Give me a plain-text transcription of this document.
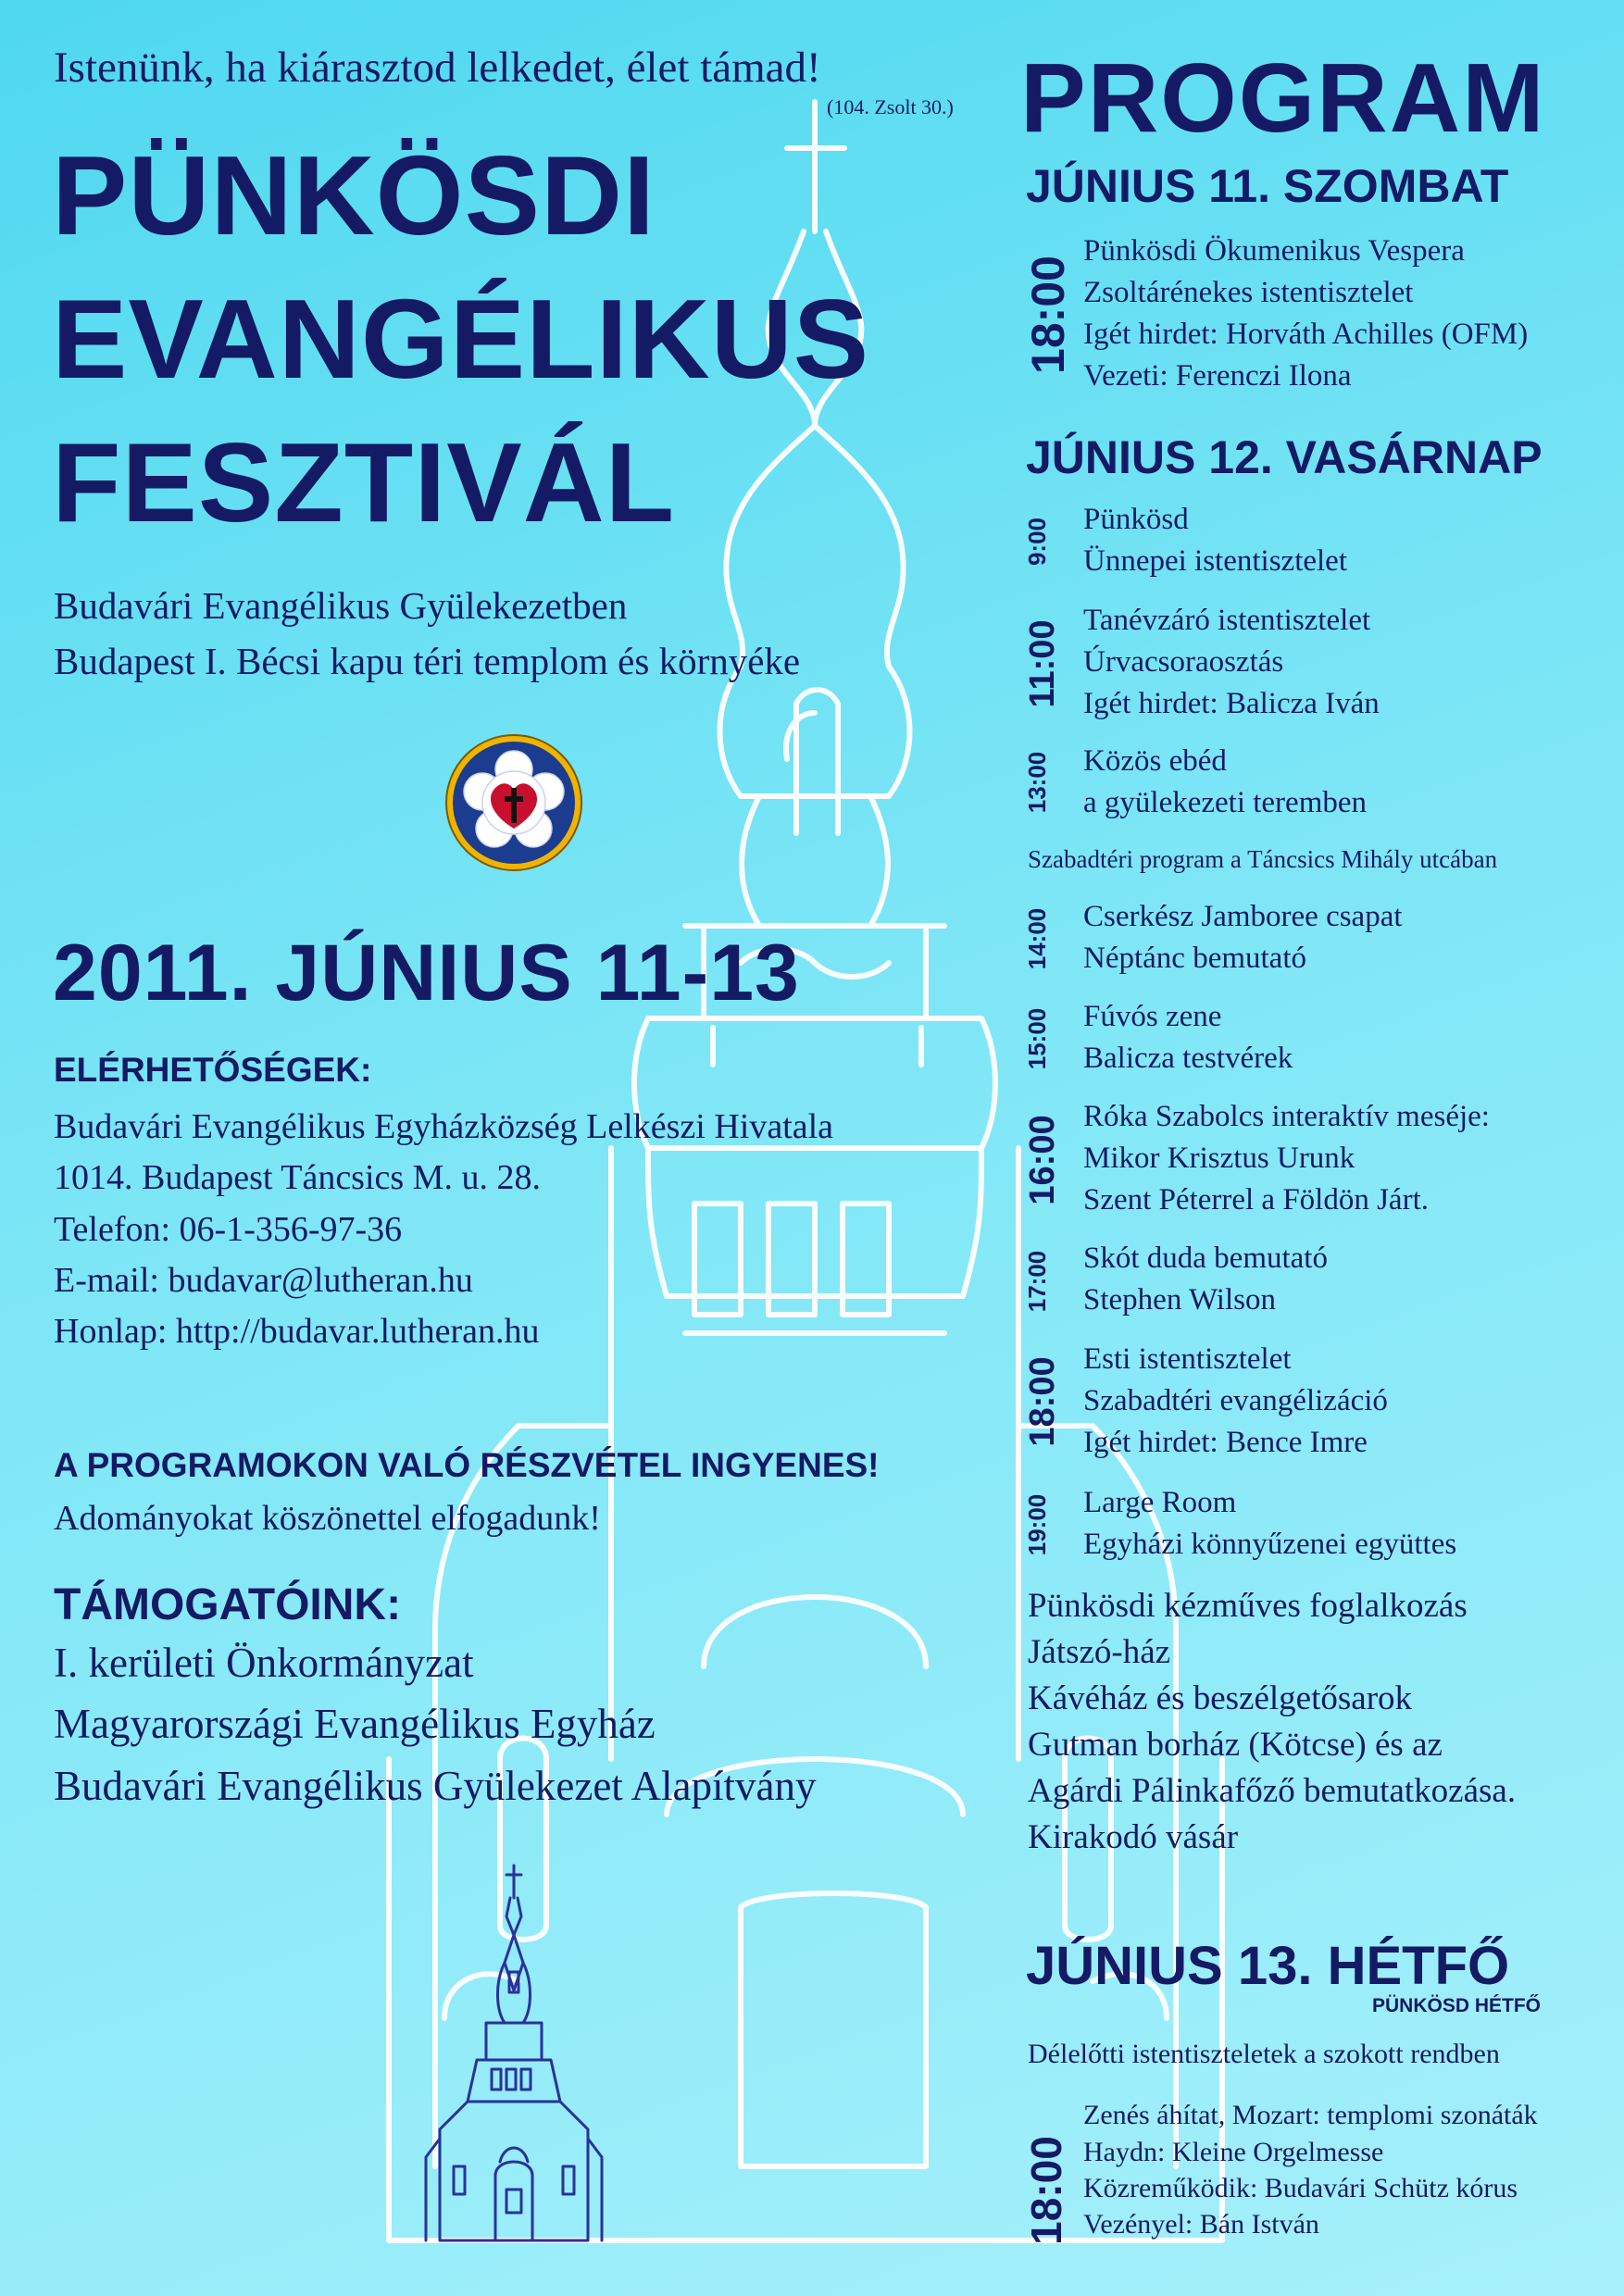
Istenünk, ha kiárasztod lelkedet, élet támad!
(104. Zsolt 30.)
PÜNKÖSDI
EVANGÉLIKUS
FESZTIVÁL
Budavári Evangélikus Gyülekezetben
Budapest I. Bécsi kapu téri templom és környéke
2011. JÚNIUS 11-13
ELÉRHETŐSÉGEK:
Budavári Evangélikus Egyházközség Lelkészi Hivatala
1014. Budapest Táncsics M. u. 28.
Telefon: 06-1-356-97-36
E-mail: budavar@lutheran.hu
Honlap: http://budavar.lutheran.hu
A PROGRAMOKON VALÓ RÉSZVÉTEL INGYENES!
Adományokat köszönettel elfogadunk!
TÁMOGATÓINK:
I. kerületi Önkormányzat
Magyarországi Evangélikus Egyház
Budavári Evangélikus Gyülekezet Alapítvány
PROGRAM
JÚNIUS 11. SZOMBAT
18:00
Pünkösdi Ökumenikus Vespera
Zsoltárénekes istentisztelet
Igét hirdet: Horváth Achilles (OFM)
Vezeti: Ferenczi Ilona
JÚNIUS 12. VASÁRNAP
9:00 Pünkösd
Ünnepei istentisztelet
11:00 Tanévzáró istentisztelet
Úrvacsoraosztás
Igét hirdet: Balicza Iván
13:00 Közös ebéd
a gyülekezeti teremben
Szabadtéri program a Táncsics Mihály utcában
14:00 Cserkész Jamboree csapat
Néptánc bemutató
15:00 Fúvós zene
Balicza testvérek
16:00 Róka Szabolcs interaktív meséje:
Mikor Krisztus Urunk
Szent Péterrel a Földön Járt.
17:00 Skót duda bemutató
Stephen Wilson
18:00 Esti istentisztelet
Szabadtéri evangélizáció
Igét hirdet: Bence Imre
19:00 Large Room
Egyházi könnyűzenei együttes
Pünkösdi kézműves foglalkozás
Játszó-ház
Kávéház és beszélgetősarok
Gutman borház (Kötcse) és az
Agárdi Pálinkafőző bemutatkozása.
Kirakodó vásár
JÚNIUS 13. HÉTFŐ
PÜNKÖSD HÉTFŐ
Délelőtti istentiszteletek a szokott rendben
18:00
Zenés áhítat, Mozart: templomi szonáták
Haydn: Kleine Orgelmesse
Közreműködik: Budavári Schütz kórus
Vezényel: Bán István
